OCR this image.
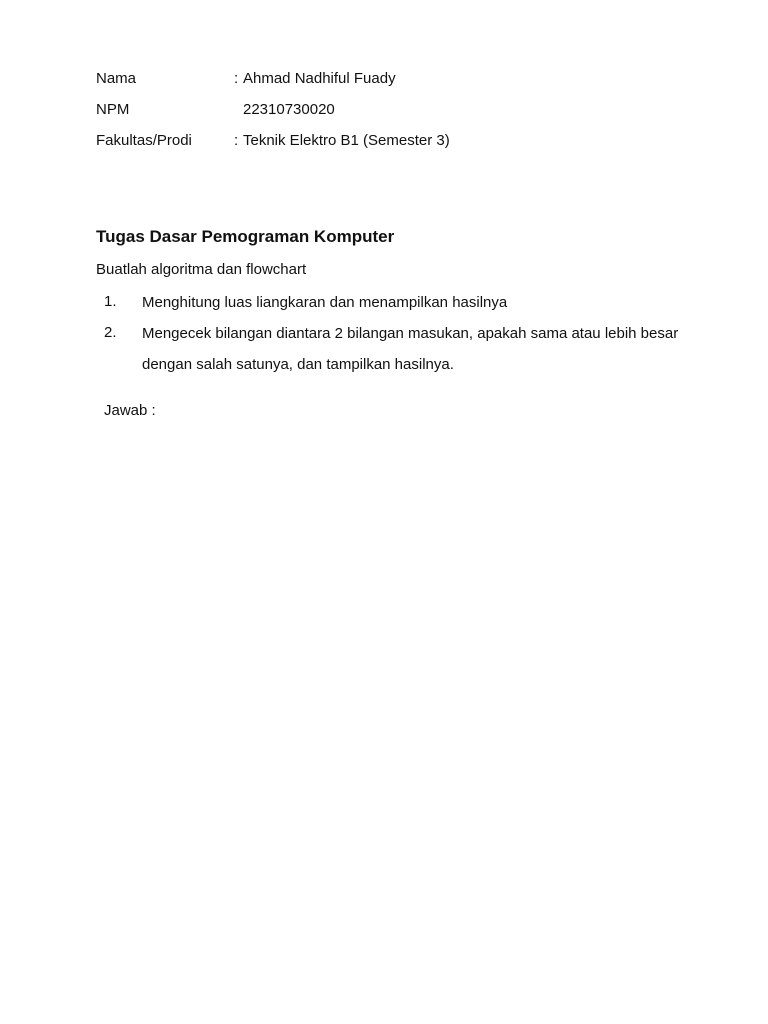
Nama	: Ahmad Nadhiful Fuady
NPM	22310730020
Fakultas/Prodi	: Teknik Elektro B1 (Semester 3)
Tugas Dasar Pemograman Komputer
Buatlah algoritma dan flowchart
1. Menghitung luas liangkaran dan menampilkan hasilnya
2. Mengecek bilangan diantara 2 bilangan masukan, apakah sama atau lebih besar dengan salah satunya, dan tampilkan hasilnya.
Jawab :
